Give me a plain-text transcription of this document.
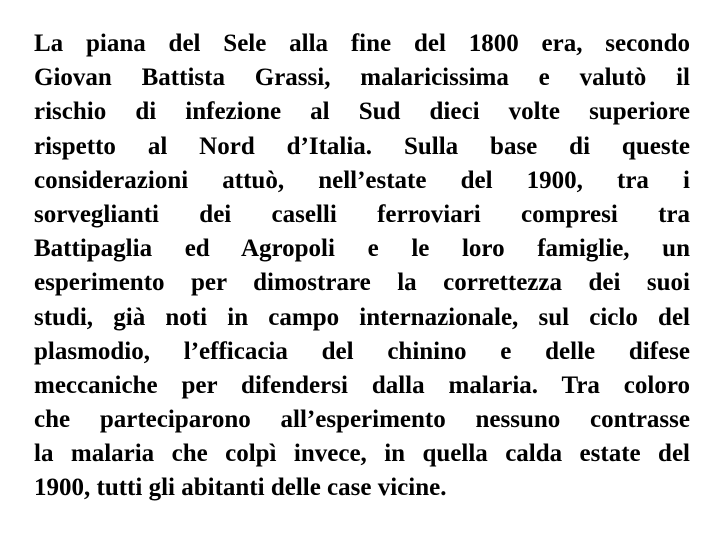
La piana del Sele alla fine del 1800 era, secondo
Giovan Battista Grassi, malaricissima e valutò il
rischio di infezione al Sud dieci volte superiore
rispetto al Nord d’Italia. Sulla base di queste
considerazioni attuò, nell’estate del 1900, tra i
sorveglianti dei caselli ferroviari compresi tra
Battipaglia ed Agropoli e le loro famiglie, un
esperimento per dimostrare la correttezza dei suoi
studi, già noti in campo internazionale, sul ciclo del
plasmodio, l’efficacia del chinino e delle difese
meccaniche per difendersi dalla malaria. Tra coloro
che parteciparono all’esperimento nessuno contrasse
la malaria che colpì invece, in quella calda estate del
1900, tutti gli abitanti delle case vicine.
